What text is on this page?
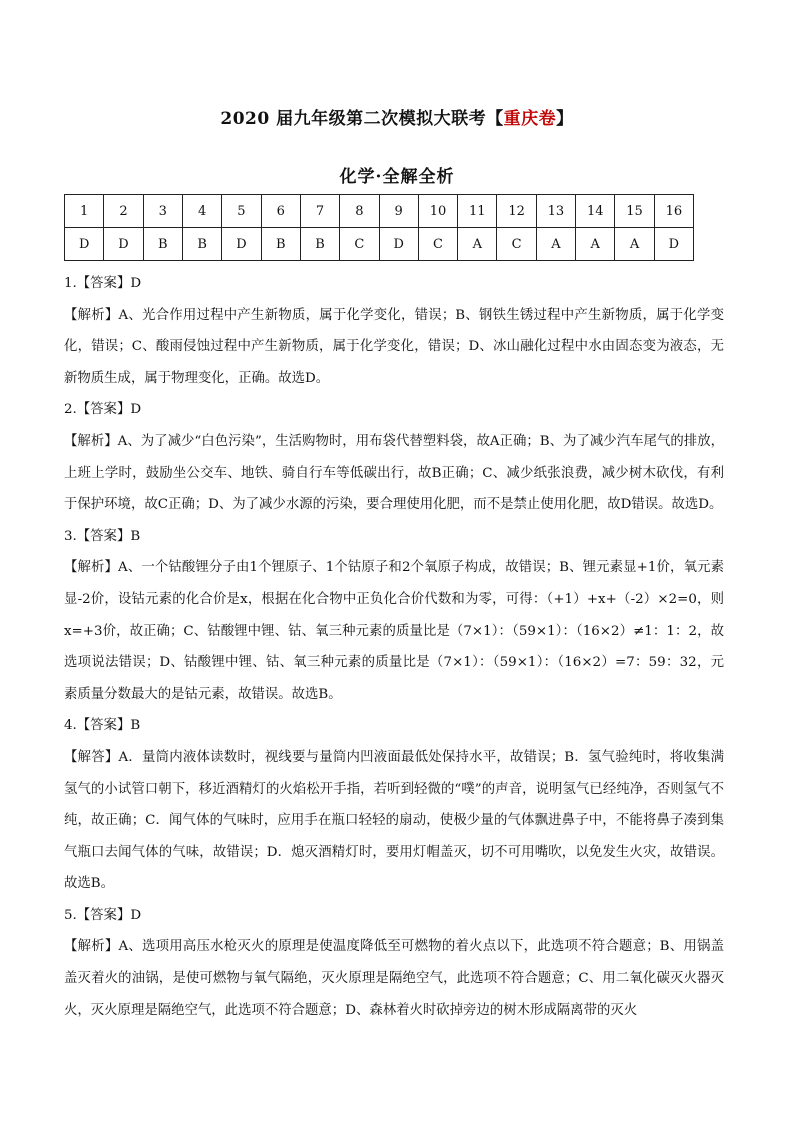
2020 届九年级第二次模拟大联考【重庆卷】
化学·全解全析
1	2	3	4	5	6	7	8	9	10	11	12	13	14	15	16
D	D	B	B	D	B	B	C	D	C	A	C	A	A	A	D

1.【答案】D

【解析】A、光合作用过程中产生新物质，属于化学变化，错误；B、钢铁生锈过程中产生新物质，属于化学变化，错误；C、酸雨侵蚀过程中产生新物质，属于化学变化，错误；D、冰山融化过程中水由固态变为液态，无新物质生成，属于物理变化，正确。故选D。

2.【答案】D

【解析】A、为了减少“白色污染”，生活购物时，用布袋代替塑料袋，故A正确；B、为了减少汽车尾气的排放，上班上学时，鼓励坐公交车、地铁、骑自行车等低碳出行，故B正确；C、减少纸张浪费，减少树木砍伐，有利于保护环境，故C正确；D、为了减少水源的污染，要合理使用化肥，而不是禁止使用化肥，故D错误。故选D。

3.【答案】B

【解析】A、一个钴酸锂分子由1个锂原子、1个钴原子和2个氧原子构成，故错误；B、锂元素显+1价，氧元素显-2价，设钴元素的化合价是x，根据在化合物中正负化合价代数和为零，可得：（+1）+x+（-2）×2=0，则x=+3价，故正确；C、钴酸锂中锂、钴、氧三种元素的质量比是（7×1）：（59×1）：（16×2）≠1：1：2，故选项说法错误；D、钴酸锂中锂、钴、氧三种元素的质量比是（7×1）：（59×1）：（16×2）=7：59：32，元素质量分数最大的是钴元素，故错误。故选B。

4.【答案】B

【解答】A．量筒内液体读数时，视线要与量筒内凹液面最低处保持水平，故错误；B．氢气验纯时，将收集满氢气的小试管口朝下，移近酒精灯的火焰松开手指，若听到轻微的“噗”的声音，说明氢气已经纯净，否则氢气不纯，故正确；C．闻气体的气味时，应用手在瓶口轻轻的扇动，使极少量的气体飘进鼻子中，不能将鼻子凑到集气瓶口去闻气体的气味，故错误；D．熄灭酒精灯时，要用灯帽盖灭，切不可用嘴吹，以免发生火灾，故错误。故选B。

5.【答案】D

【解析】A、选项用高压水枪灭火的原理是使温度降低至可燃物的着火点以下，此选项不符合题意；B、用锅盖盖灭着火的油锅，是使可燃物与氧气隔绝，灭火原理是隔绝空气，此选项不符合题意；C、用二氧化碳灭火器灭火，灭火原理是隔绝空气，此选项不符合题意；D、森林着火时砍掉旁边的树木形成隔离带的灭火
